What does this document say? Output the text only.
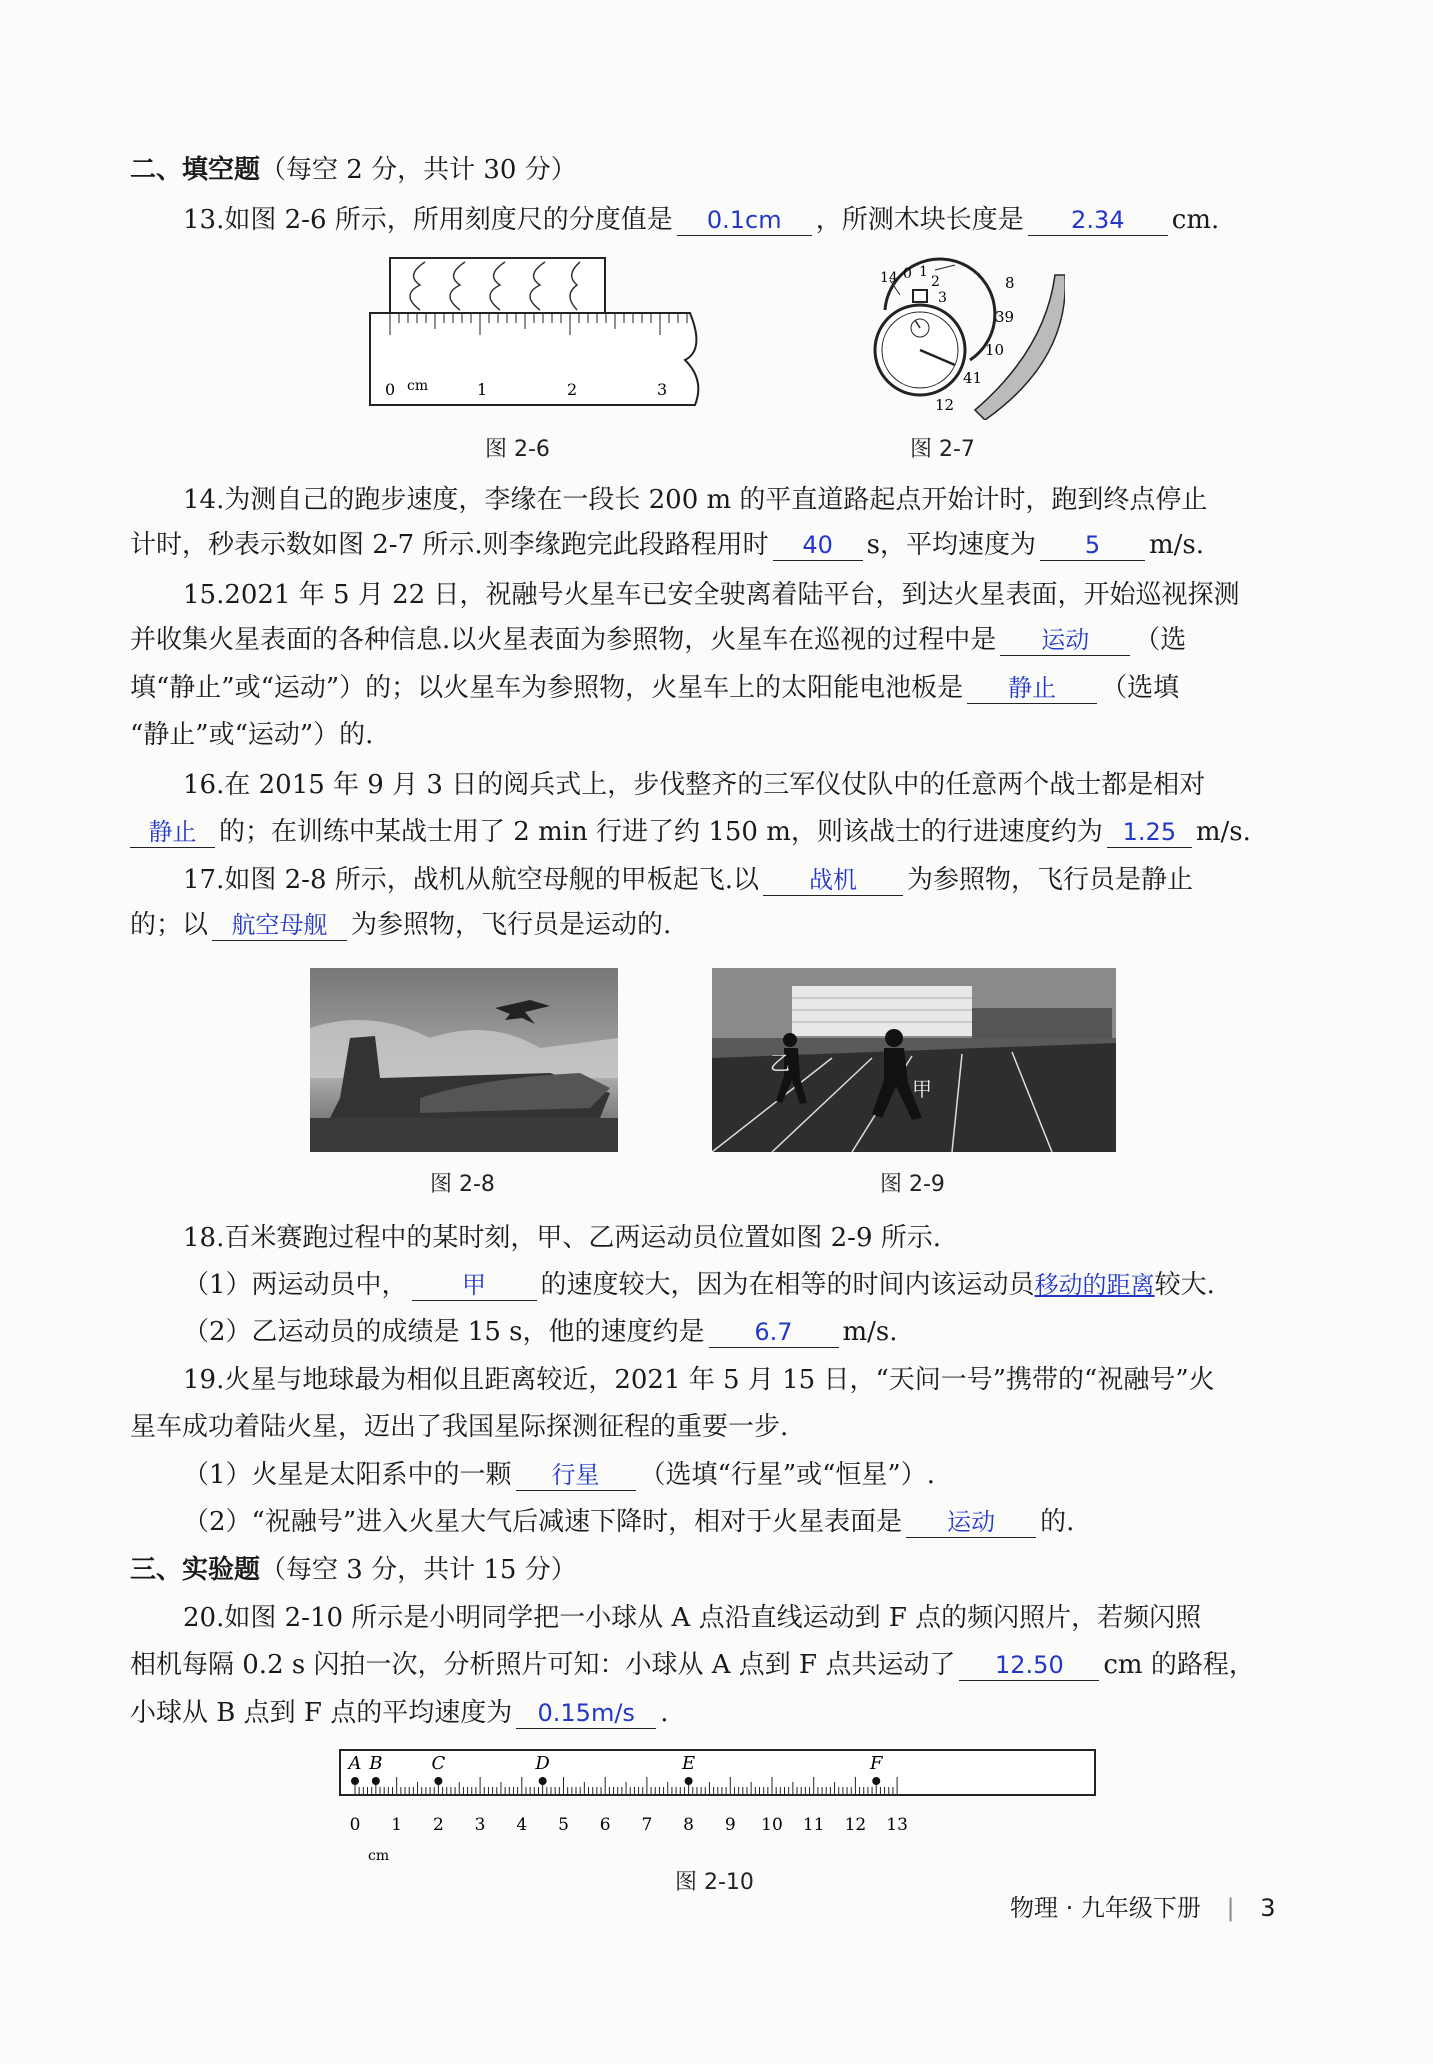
二、填空题（每空 2 分，共计 30 分）
13.如图 2-6 所示，所用刻度尺的分度值是 0.1cm ，所测木块长度是 2.34 cm.
0 cm	1	2	3
图 2-6
14 0 1
2
3
8
39
10
41
12
图 2-7
14.为测自己的跑步速度，李缘在一段长 200 m 的平直道路起点开始计时，跑到终点停止
计时，秒表示数如图 2-7 所示.则李缘跑完此段路程用时 40 s，平均速度为 5 m/s.
15.2021 年 5 月 22 日，祝融号火星车已安全驶离着陆平台，到达火星表面，开始巡视探测
并收集火星表面的各种信息.以火星表面为参照物，火星车在巡视的过程中是 运动 （选
填“静止”或“运动”）的；以火星车为参照物，火星车上的太阳能电池板是 静止 （选填
“静止”或“运动”）的.
16.在 2015 年 9 月 3 日的阅兵式上，步伐整齐的三军仪仗队中的任意两个战士都是相对
静止 的；在训练中某战士用了 2 min 行进了约 150 m，则该战士的行进速度约为 1.25 m/s.
17.如图 2-8 所示，战机从航空母舰的甲板起飞.以 战机 为参照物，飞行员是静止
的；以 航空母舰 为参照物，飞行员是运动的.
图 2-8
乙
甲
图 2-9
18.百米赛跑过程中的某时刻，甲、乙两运动员位置如图 2-9 所示.
（1）两运动员中， 甲 的速度较大，因为在相等的时间内该运动员移动的距离较大.
（2）乙运动员的成绩是 15 s，他的速度约是 6.7 m/s.
19.火星与地球最为相似且距离较近，2021 年 5 月 15 日，“天问一号”携带的“祝融号”火
星车成功着陆火星，迈出了我国星际探测征程的重要一步.
（1）火星是太阳系中的一颗 行星 （选填“行星”或“恒星”）.
（2）“祝融号”进入火星大气后减速下降时，相对于火星表面是 运动 的.
三、实验题（每空 3 分，共计 15 分）
20.如图 2-10 所示是小明同学把一小球从 A 点沿直线运动到 F 点的频闪照片，若频闪照
相机每隔 0.2 s 闪拍一次，分析照片可知：小球从 A 点到 F 点共运动了 12.50 cm 的路程，
小球从 B 点到 F 点的平均速度为 0.15m/s .
A B	C	D	E	F
0 1 2 3 4 5 6 7 8 9 10 11 12 13
cm
图 2-10
物理 · 九年级下册 | 3
